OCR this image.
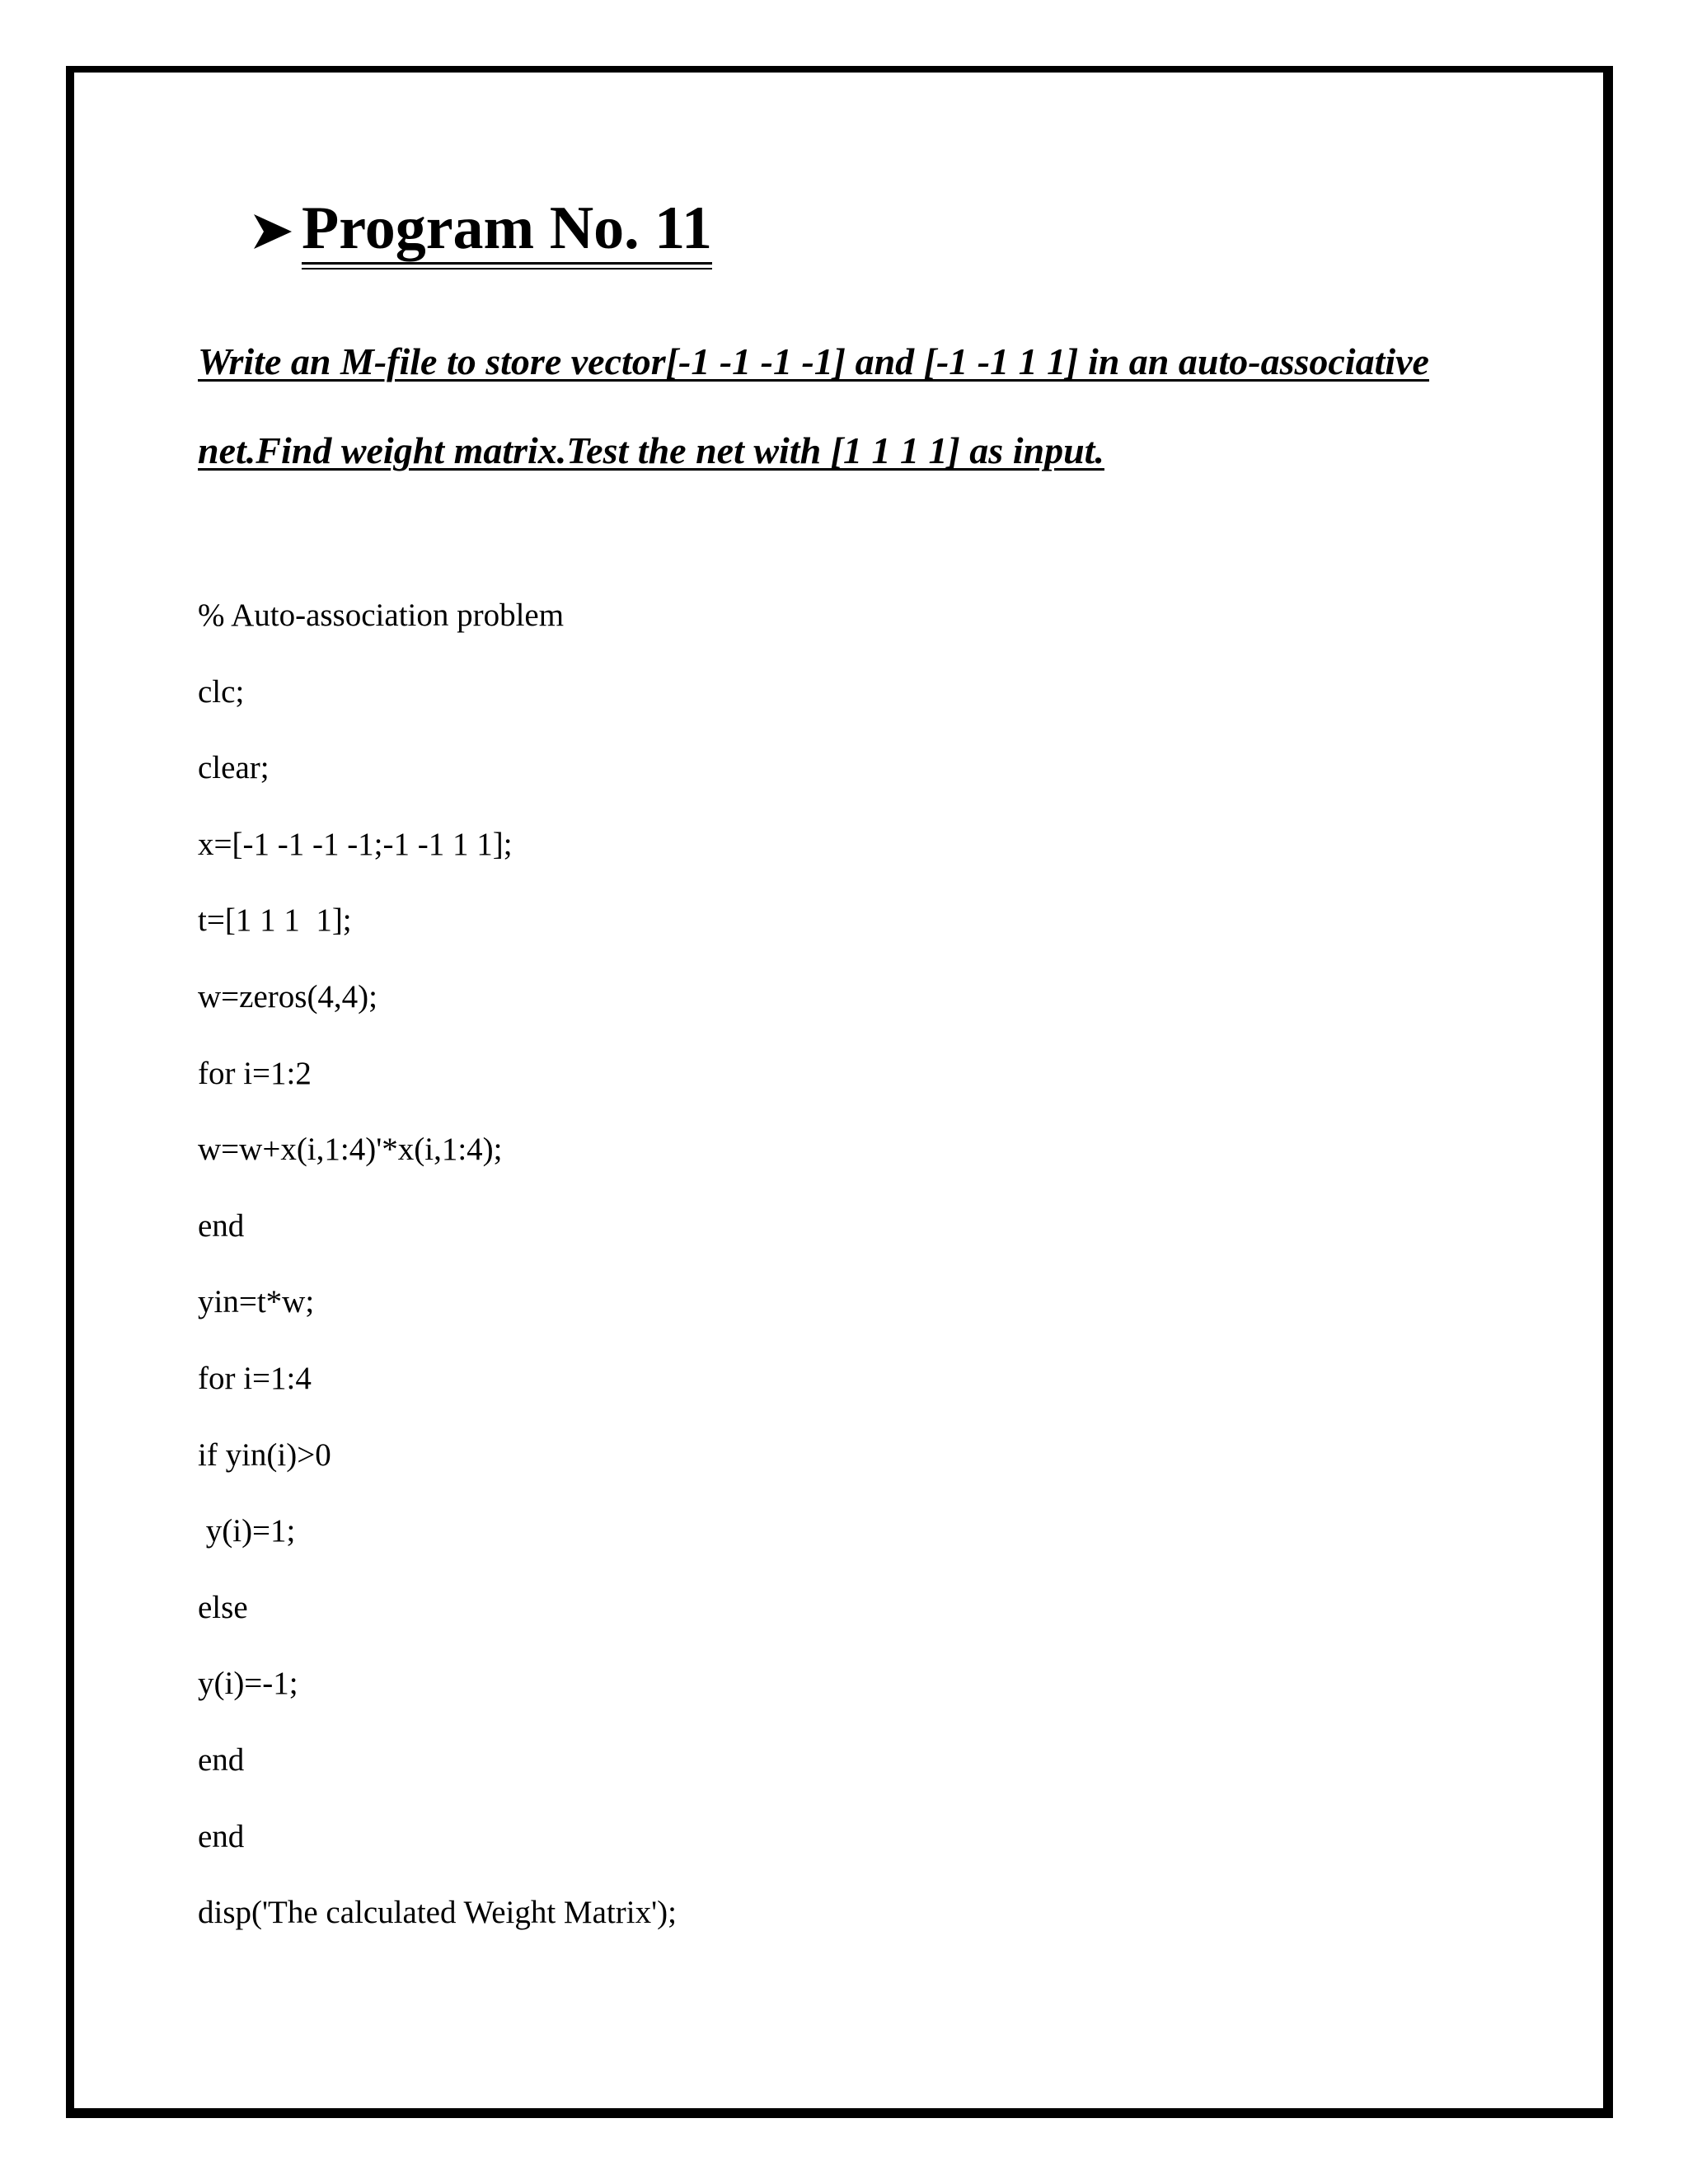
Program No. 11
Write an M-file to store vector[-1 -1 -1 -1] and [-1 -1 1 1] in an auto-associative
net.Find weight matrix.Test the net with [1 1 1 1] as input.
% Auto-association problem
clc;
clear;
x=[-1 -1 -1 -1;-1 -1 1 1];
t=[1 1 1  1];
w=zeros(4,4);
for i=1:2
w=w+x(i,1:4)'*x(i,1:4);
end
yin=t*w;
for i=1:4
if yin(i)>0
y(i)=1;
else
y(i)=-1;
end
end
disp('The calculated Weight Matrix');
